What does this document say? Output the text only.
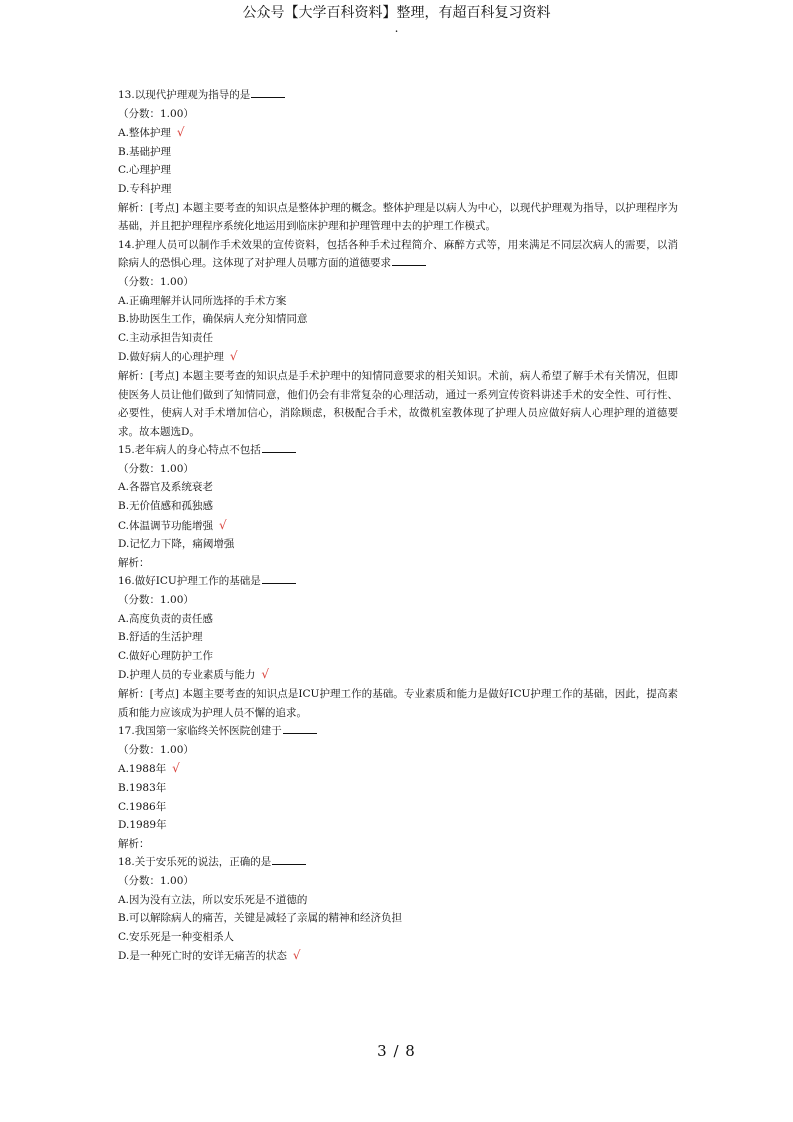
公众号【大学百科资料】整理，有超百科复习资料
.
13.以现代护理观为指导的是
（分数：1.00）
A.整体护理 √
B.基础护理
C.心理护理
D.专科护理
解析：[考点] 本题主要考查的知识点是整体护理的概念。整体护理是以病人为中心，以现代护理观为指导，以护理程序为基础，并且把护理程序系统化地运用到临床护理和护理管理中去的护理工作模式。
14.护理人员可以制作手术效果的宣传资料，包括各种手术过程简介、麻醉方式等，用来满足不同层次病人的需要，以消除病人的恐惧心理。这体现了对护理人员哪方面的道德要求
（分数：1.00）
A.正确理解并认同所选择的手术方案
B.协助医生工作，确保病人充分知情同意
C.主动承担告知责任
D.做好病人的心理护理 √
解析：[考点] 本题主要考查的知识点是手术护理中的知情同意要求的相关知识。术前，病人希望了解手术有关情况，但即使医务人员让他们做到了知情同意，他们仍会有非常复杂的心理活动，通过一系列宣传资料讲述手术的安全性、可行性、必要性，使病人对手术增加信心，消除顾虑，积极配合手术，故微机室教体现了护理人员应做好病人心理护理的道德要求。故本题选D。
15.老年病人的身心特点不包括
（分数：1.00）
A.各器官及系统衰老
B.无价值感和孤独感
C.体温调节功能增强 √
D.记忆力下降，痛阈增强
解析：
16.做好ICU护理工作的基础是
（分数：1.00）
A.高度负责的责任感
B.舒适的生活护理
C.做好心理防护工作
D.护理人员的专业素质与能力 √
解析：[考点] 本题主要考查的知识点是ICU护理工作的基础。专业素质和能力是做好ICU护理工作的基础，因此，提高素质和能力应该成为护理人员不懈的追求。
17.我国第一家临终关怀医院创建于
（分数：1.00）
A.1988年 √
B.1983年
C.1986年
D.1989年
解析：
18.关于安乐死的说法，正确的是
（分数：1.00）
A.因为没有立法，所以安乐死是不道德的
B.可以解除病人的痛苦，关键是减轻了亲属的精神和经济负担
C.安乐死是一种变相杀人
D.是一种死亡时的安详无痛苦的状态 √
3 / 8
